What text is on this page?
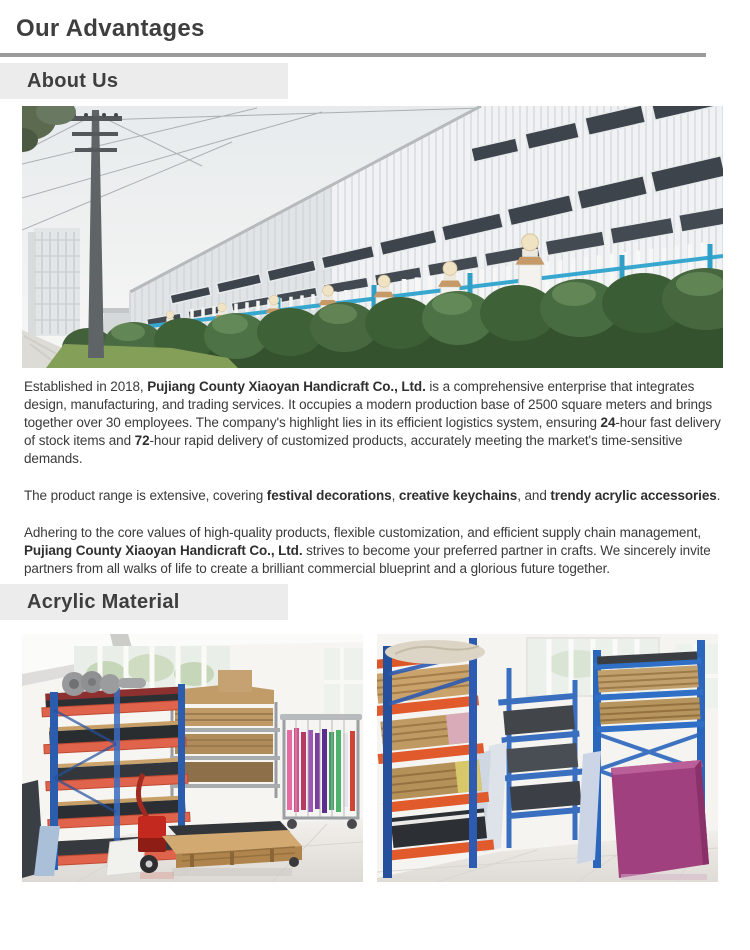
Our Advantages
About Us

Established in 2018, Pujiang County Xiaoyan Handicraft Co., Ltd. is a comprehensive enterprise that integrates design, manufacturing, and trading services. It occupies a modern production base of 2500 square meters and brings together over 30 employees. The company's highlight lies in its efficient logistics system, ensuring 24-hour fast delivery of stock items and 72-hour rapid delivery of customized products, accurately meeting the market's time-sensitive demands.

The product range is extensive, covering festival decorations, creative keychains, and trendy acrylic accessories.

Adhering to the core values of high-quality products, flexible customization, and efficient supply chain management, Pujiang County Xiaoyan Handicraft Co., Ltd. strives to become your preferred partner in crafts. We sincerely invite partners from all walks of life to create a brilliant commercial blueprint and a glorious future together.

Acrylic Material
